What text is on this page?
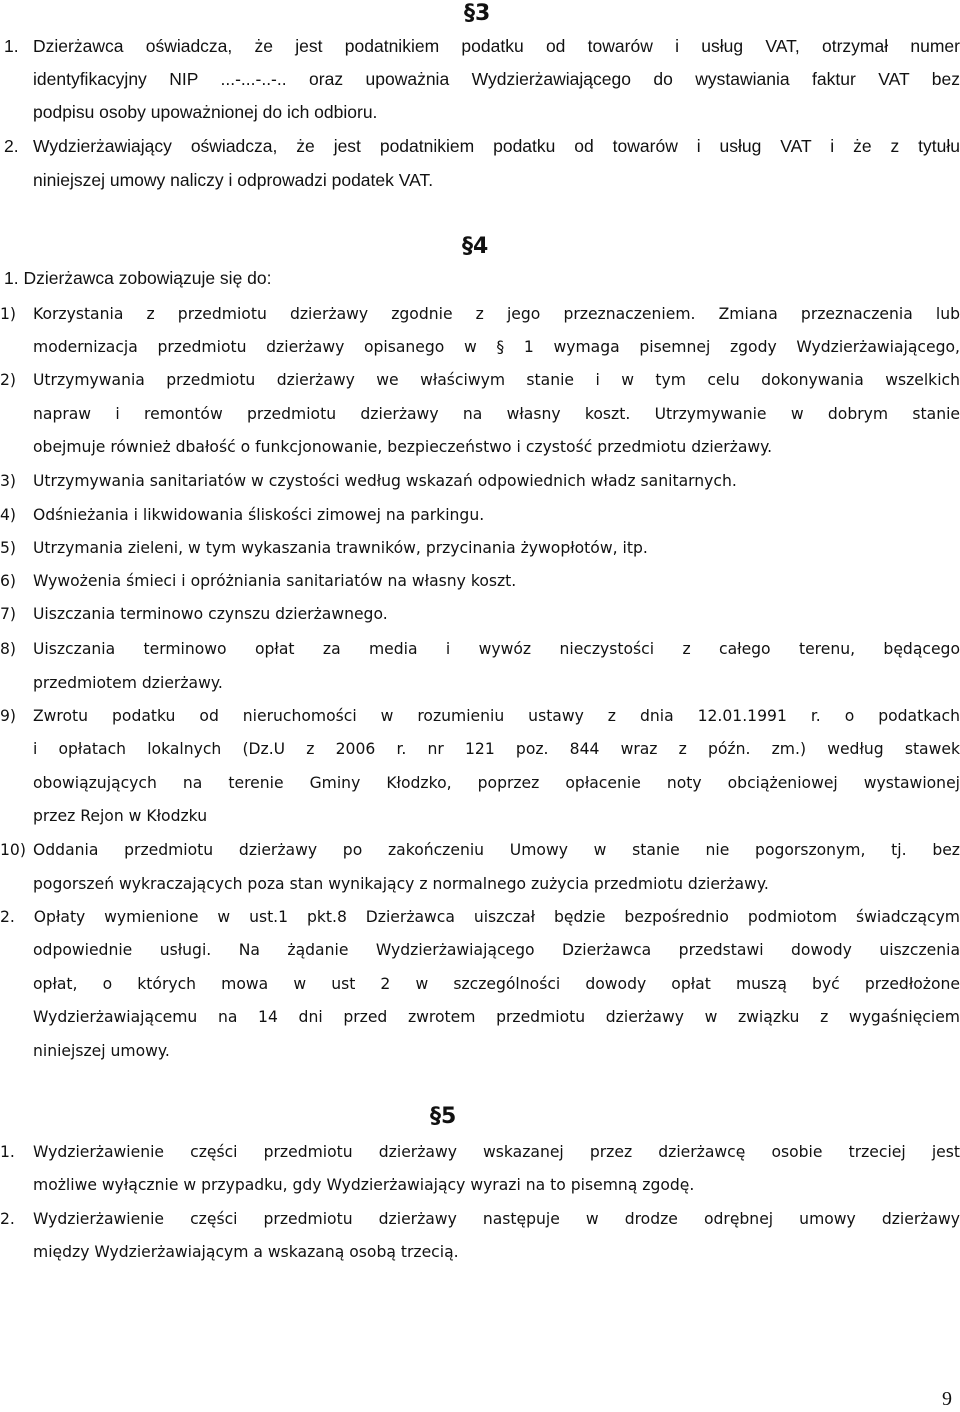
§3
1. Dzierżawca oświadcza, że jest podatnikiem podatku od towarów i usług VAT, otrzymał numer
identyfikacyjny NIP ...-...-..-.. oraz upoważnia Wydzierżawiającego do wystawiania faktur VAT bez
podpisu osoby upoważnionej do ich odbioru.
2. Wydzierżawiający oświadcza, że jest podatnikiem podatku od towarów i usług VAT i że z tytułu
niniejszej umowy naliczy i odprowadzi podatek VAT.
§4
1. Dzierżawca zobowiązuje się do:
1) Korzystania z przedmiotu dzierżawy zgodnie z jego przeznaczeniem. Zmiana przeznaczenia lub
modernizacja przedmiotu dzierżawy opisanego w § 1 wymaga pisemnej zgody Wydzierżawiającego,
2) Utrzymywania przedmiotu dzierżawy we właściwym stanie i w tym celu dokonywania wszelkich
napraw i remontów przedmiotu dzierżawy na własny koszt. Utrzymywanie w dobrym stanie
obejmuje również dbałość o funkcjonowanie, bezpieczeństwo i czystość przedmiotu dzierżawy.
3) Utrzymywania sanitariatów w czystości według wskazań odpowiednich władz sanitarnych.
4) Odśnieżania i likwidowania śliskości zimowej na parkingu.
5) Utrzymania zieleni, w tym wykaszania trawników, przycinania żywopłotów, itp.
6) Wywożenia śmieci i opróżniania sanitariatów na własny koszt.
7) Uiszczania terminowo czynszu dzierżawnego.
8) Uiszczania terminowo opłat za media i wywóz nieczystości z całego terenu, będącego
przedmiotem dzierżawy.
9) Zwrotu podatku od nieruchomości w rozumieniu ustawy z dnia 12.01.1991 r. o podatkach
i opłatach lokalnych (Dz.U z 2006 r. nr 121 poz. 844 wraz z późn. zm.) według stawek
obowiązujących na terenie Gminy Kłodzko, poprzez opłacenie noty obciążeniowej wystawionej
przez Rejon w Kłodzku
10) Oddania przedmiotu dzierżawy po zakończeniu Umowy w stanie nie pogorszonym, tj. bez
pogorszeń wykraczających poza stan wynikający z normalnego zużycia przedmiotu dzierżawy.
2. Opłaty wymienione w ust.1 pkt.8 Dzierżawca uiszczał będzie bezpośrednio podmiotom świadczącym
odpowiednie usługi. Na żądanie Wydzierżawiającego Dzierżawca przedstawi dowody uiszczenia
opłat, o których mowa w ust 2 w szczególności dowody opłat muszą być przedłożone
Wydzierżawiającemu na 14 dni przed zwrotem przedmiotu dzierżawy w związku z wygaśnięciem
niniejszej umowy.
§5
1. Wydzierżawienie części przedmiotu dzierżawy wskazanej przez dzierżawcę osobie trzeciej jest
możliwe wyłącznie w przypadku, gdy Wydzierżawiający wyrazi na to pisemną zgodę.
2. Wydzierżawienie części przedmiotu dzierżawy następuje w drodze odrębnej umowy dzierżawy
między Wydzierżawiającym a wskazaną osobą trzecią.
9
